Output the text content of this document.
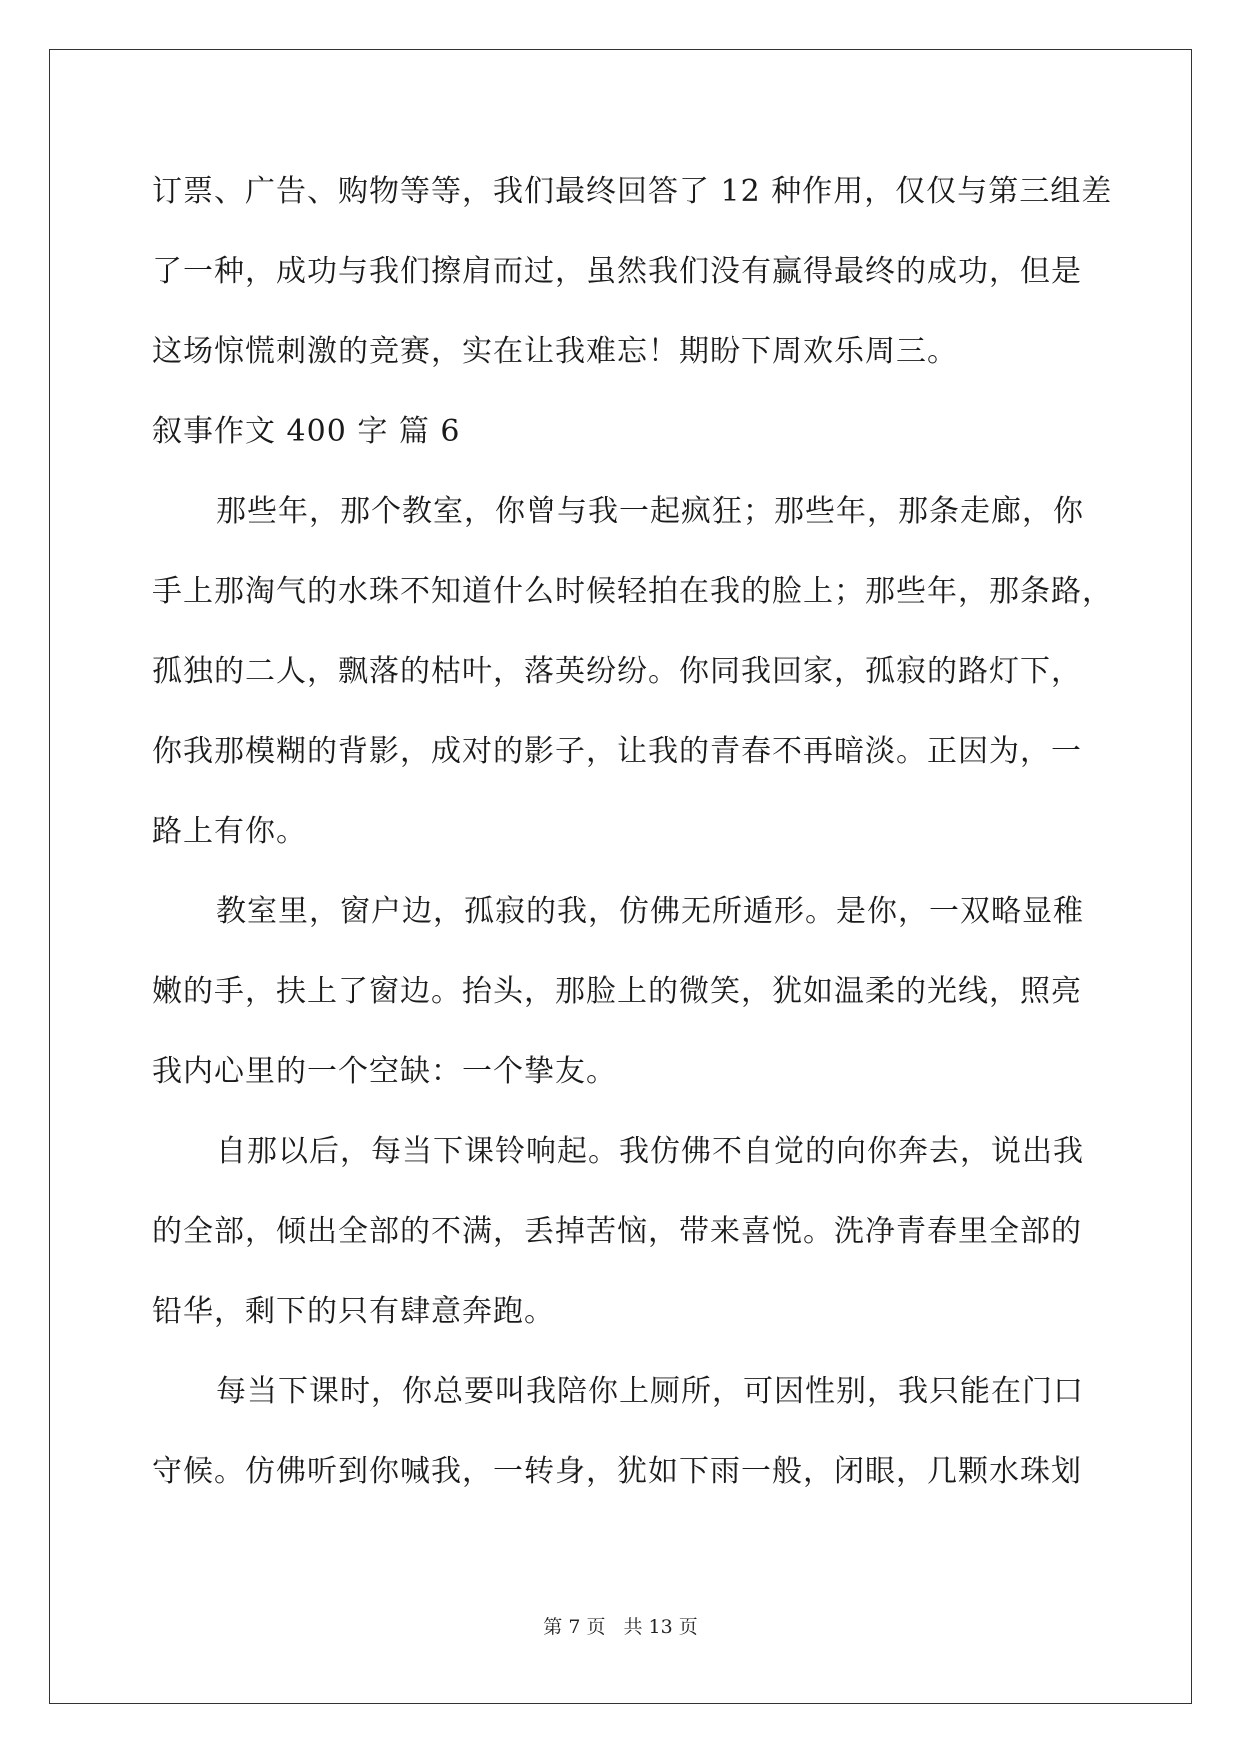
订票、广告、购物等等，我们最终回答了 12 种作用，仅仅与第三组差
了一种，成功与我们擦肩而过，虽然我们没有赢得最终的成功，但是
这场惊慌刺激的竞赛，实在让我难忘！期盼下周欢乐周三。
叙事作文 400 字 篇 6
那些年，那个教室，你曾与我一起疯狂；那些年，那条走廊，你
手上那淘气的水珠不知道什么时候轻拍在我的脸上；那些年，那条路，
孤独的二人，飘落的枯叶，落英纷纷。你同我回家，孤寂的路灯下，
你我那模糊的背影，成对的影子，让我的青春不再暗淡。正因为，一
路上有你。
教室里，窗户边，孤寂的我，仿佛无所遁形。是你，一双略显稚
嫩的手，扶上了窗边。抬头，那脸上的微笑，犹如温柔的光线，照亮
我内心里的一个空缺：一个挚友。
自那以后，每当下课铃响起。我仿佛不自觉的向你奔去，说出我
的全部，倾出全部的不满，丢掉苦恼，带来喜悦。洗净青春里全部的
铅华，剩下的只有肆意奔跑。
每当下课时，你总要叫我陪你上厕所，可因性别，我只能在门口
守候。仿佛听到你喊我，一转身，犹如下雨一般，闭眼，几颗水珠划
第 7 页 共 13 页
